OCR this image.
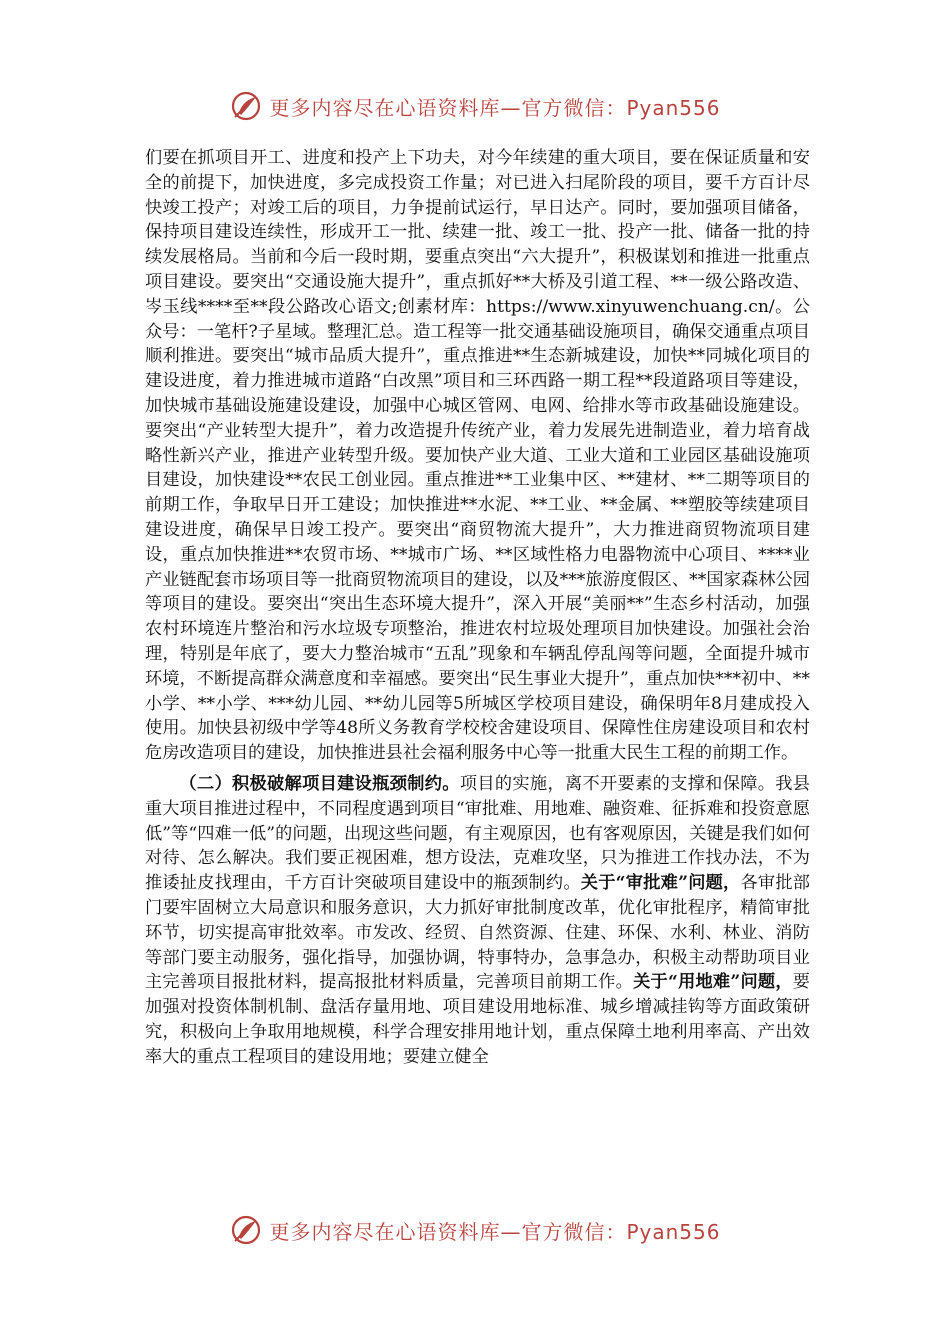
更多内容尽在心语资料库—官方微信：Pyan556

们要在抓项目开工、进度和投产上下功夫，对今年续建的重大项目，要在保证质量和安全的前提下，加快进度，多完成投资工作量；对已进入扫尾阶段的项目，要千方百计尽快竣工投产；对竣工后的项目，力争提前试运行，早日达产。同时，要加强项目储备，保持项目建设连续性，形成开工一批、续建一批、竣工一批、投产一批、储备一批的持续发展格局。当前和今后一段时期，要重点突出“六大提升”，积极谋划和推进一批重点项目建设。要突出“交通设施大提升”，重点抓好**大桥及引道工程、**一级公路改造、岑玉线****至**段公路改心语文;创素材库：https://www.xinyuwenchuang.cn/。公众号：一笔杆?子星域。整理汇总。造工程等一批交通基础设施项目，确保交通重点项目顺利推进。要突出“城市品质大提升”，重点推进**生态新城建设，加快**同城化项目的建设进度，着力推进城市道路“白改黑”项目和三环西路一期工程**段道路项目等建设，加快城市基础设施建设建设，加强中心城区管网、电网、给排水等市政基础设施建设。要突出“产业转型大提升”，着力改造提升传统产业，着力发展先进制造业，着力培育战略性新兴产业，推进产业转型升级。要加快产业大道、工业大道和工业园区基础设施项目建设，加快建设**农民工创业园。重点推进**工业集中区、**建材、**二期等项目的前期工作，争取早日开工建设；加快推进**水泥、**工业、**金属、**塑胶等续建项目建设进度，确保早日竣工投产。要突出“商贸物流大提升”，大力推进商贸物流项目建设，重点加快推进**农贸市场、**城市广场、**区域性格力电器物流中心项目、****业产业链配套市场项目等一批商贸物流项目的建设，以及***旅游度假区、**国家森林公园等项目的建设。要突出“突出生态环境大提升”，深入开展“美丽**”生态乡村活动，加强农村环境连片整治和污水垃圾专项整治，推进农村垃圾处理项目加快建设。加强社会治理，特别是年底了，要大力整治城市“五乱”现象和车辆乱停乱闯等问题，全面提升城市环境，不断提高群众满意度和幸福感。要突出“民生事业大提升”，重点加快***初中、**小学、**小学、***幼儿园、**幼儿园等5所城区学校项目建设，确保明年8月建成投入使用。加快县初级中学等48所义务教育学校校舍建设项目、保障性住房建设项目和农村危房改造项目的建设，加快推进县社会福利服务中心等一批重大民生工程的前期工作。

（二）积极破解项目建设瓶颈制约。项目的实施，离不开要素的支撑和保障。我县重大项目推进过程中，不同程度遇到项目“审批难、用地难、融资难、征拆难和投资意愿低”等“四难一低”的问题，出现这些问题，有主观原因，也有客观原因，关键是我们如何对待、怎么解决。我们要正视困难，想方设法，克难攻坚，只为推进工作找办法，不为推诿扯皮找理由，千方百计突破项目建设中的瓶颈制约。关于“审批难”问题，各审批部门要牢固树立大局意识和服务意识，大力抓好审批制度改革，优化审批程序，精简审批环节，切实提高审批效率。市发改、经贸、自然资源、住建、环保、水利、林业、消防等部门要主动服务，强化指导，加强协调，特事特办，急事急办，积极主动帮助项目业主完善项目报批材料，提高报批材料质量，完善项目前期工作。关于“用地难”问题，要加强对投资体制机制、盘活存量用地、项目建设用地标准、城乡增减挂钩等方面政策研究，积极向上争取用地规模，科学合理安排用地计划，重点保障土地利用率高、产出效率大的重点工程项目的建设用地；要建立健全

更多内容尽在心语资料库—官方微信：Pyan556
